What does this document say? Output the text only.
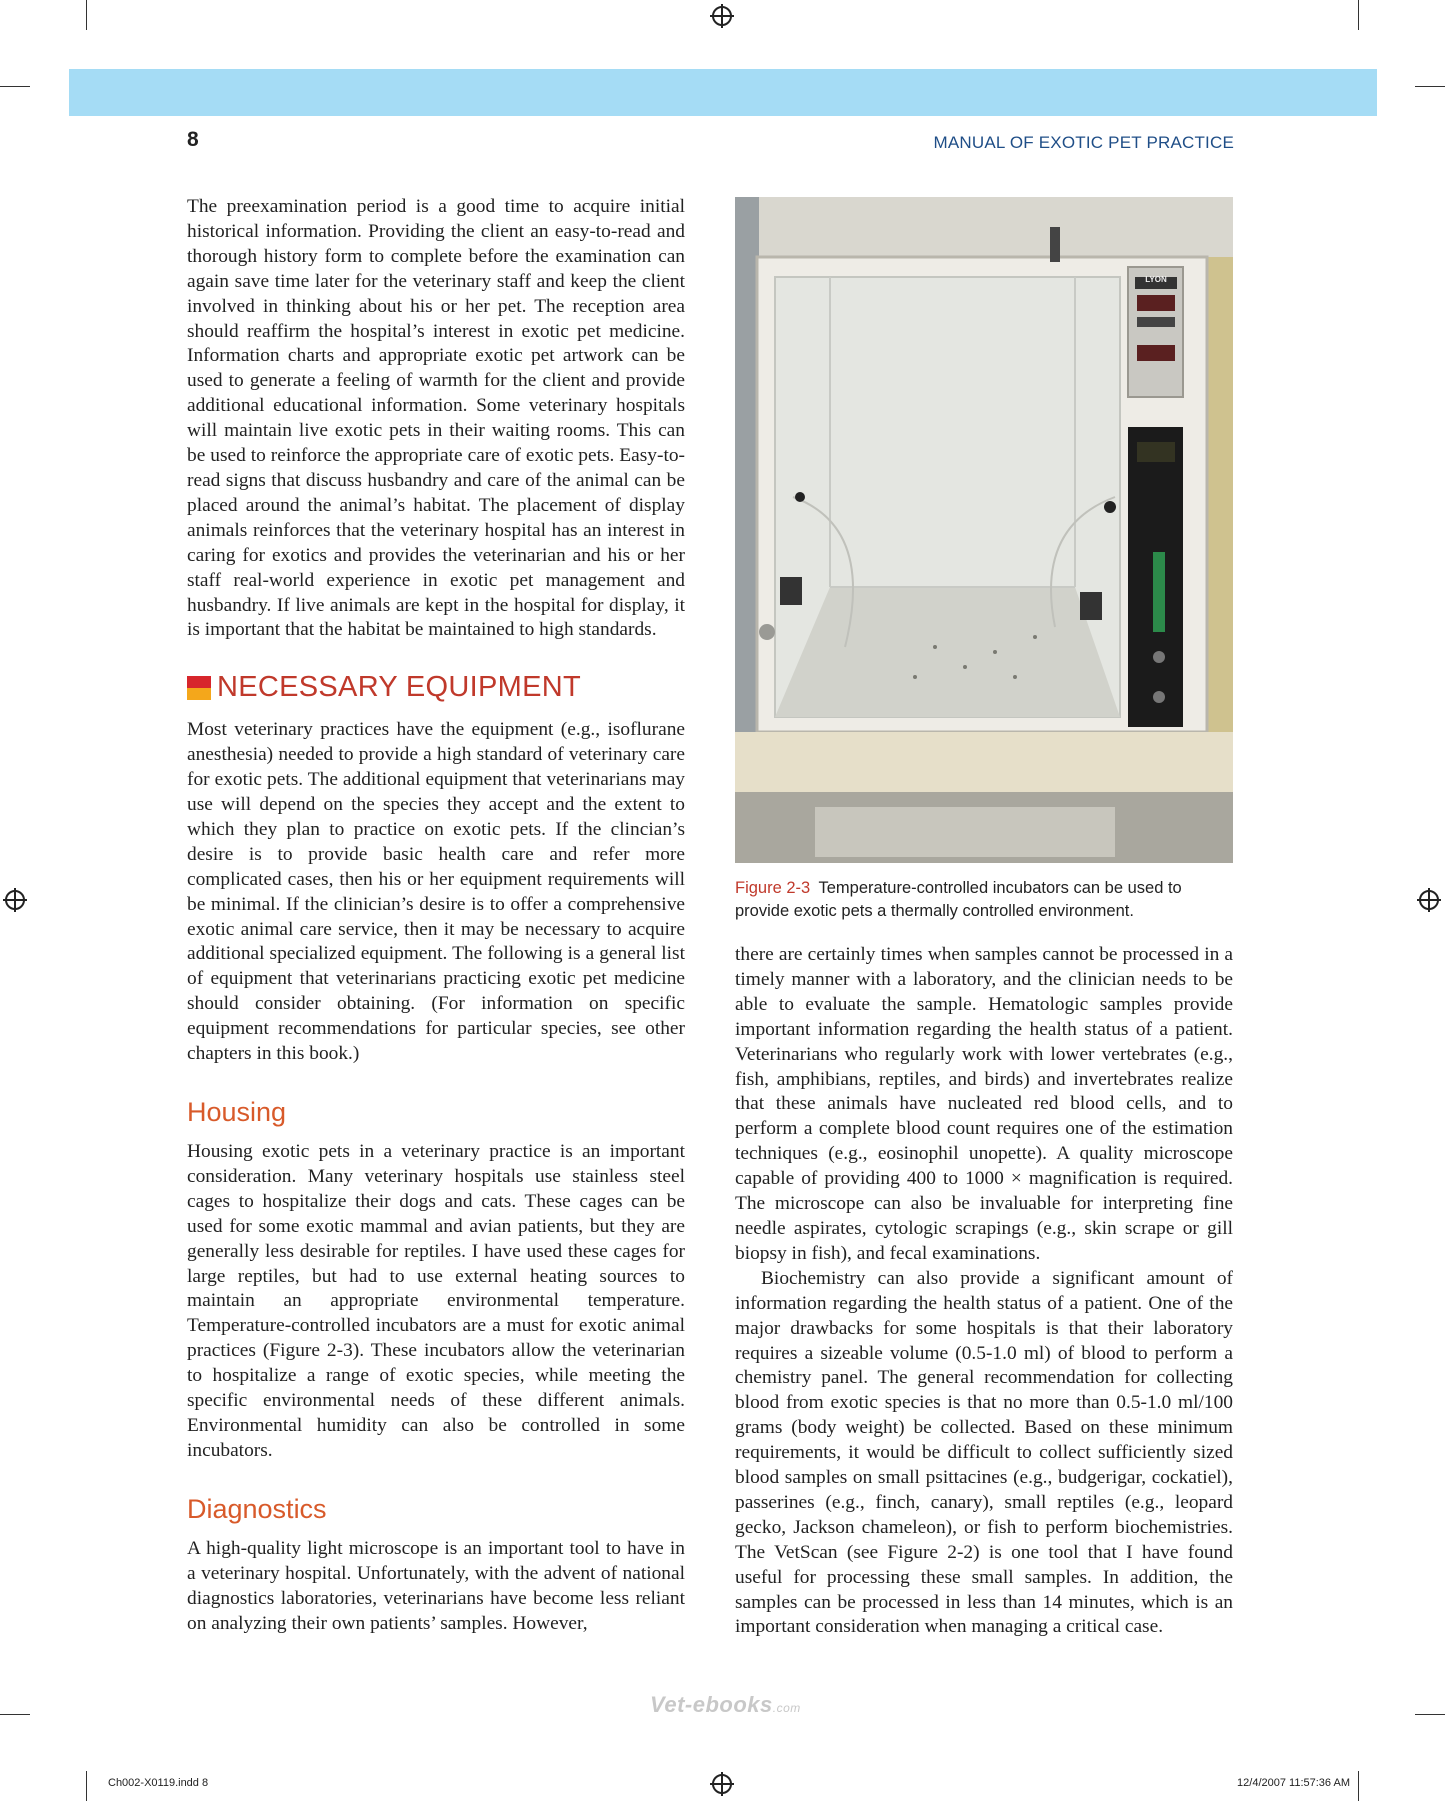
8	MANUAL OF EXOTIC PET PRACTICE

The preexamination period is a good time to acquire initial historical information. Providing the client an easy-to-read and thorough history form to complete before the examination can again save time later for the veterinary staff and keep the client involved in thinking about his or her pet. The reception area should reaffirm the hospital’s interest in exotic pet medicine. Information charts and appropriate exotic pet artwork can be used to generate a feeling of warmth for the client and provide additional educational information. Some veterinary hospitals will maintain live exotic pets in their waiting rooms. This can be used to reinforce the appropriate care of exotic pets. Easy-to-read signs that discuss husbandry and care of the animal can be placed around the animal’s habitat. The placement of display animals reinforces that the veterinary hospital has an interest in caring for exotics and provides the veterinarian and his or her staff real-world experience in exotic pet management and husbandry. If live animals are kept in the hospital for display, it is important that the habitat be maintained to high standards.

NECESSARY EQUIPMENT

Most veterinary practices have the equipment (e.g., isoflurane anesthesia) needed to provide a high standard of veterinary care for exotic pets. The additional equipment that veterinarians may use will depend on the species they accept and the extent to which they plan to practice on exotic pets. If the clincian’s desire is to provide basic health care and refer more complicated cases, then his or her equipment requirements will be minimal. If the clinician’s desire is to offer a comprehensive exotic animal care service, then it may be necessary to acquire additional specialized equipment. The following is a general list of equipment that veterinarians practicing exotic pet medicine should consider obtaining. (For information on specific equipment recommendations for particular species, see other chapters in this book.)

Housing

Housing exotic pets in a veterinary practice is an important consideration. Many veterinary hospitals use stainless steel cages to hospitalize their dogs and cats. These cages can be used for some exotic mammal and avian patients, but they are generally less desirable for reptiles. I have used these cages for large reptiles, but had to use external heating sources to maintain an appropriate environmental temperature. Temperature-controlled incubators are a must for exotic animal practices (Figure 2-3). These incubators allow the veterinarian to hospitalize a range of exotic species, while meeting the specific environmental needs of these different animals. Environmental humidity can also be controlled in some incubators.

Diagnostics

A high-quality light microscope is an important tool to have in a veterinary hospital. Unfortunately, with the advent of national diagnostics laboratories, veterinarians have become less reliant on analyzing their own patients’ samples. However,

LYON
Figure 2-3 Temperature-controlled incubators can be used to provide exotic pets a thermally controlled environment.

there are certainly times when samples cannot be processed in a timely manner with a laboratory, and the clinician needs to be able to evaluate the sample. Hematologic samples provide important information regarding the health status of a patient. Veterinarians who regularly work with lower vertebrates (e.g., fish, amphibians, reptiles, and birds) and invertebrates realize that these animals have nucleated red blood cells, and to perform a complete blood count requires one of the estimation techniques (e.g., eosinophil unopette). A quality microscope capable of providing 400 to 1000 × magnification is required. The microscope can also be invaluable for interpreting fine needle aspirates, cytologic scrapings (e.g., skin scrape or gill biopsy in fish), and fecal examinations.

Biochemistry can also provide a significant amount of information regarding the health status of a patient. One of the major drawbacks for some hospitals is that their laboratory requires a sizeable volume (0.5-1.0 ml) of blood to perform a chemistry panel. The general recommendation for collecting blood from exotic species is that no more than 0.5-1.0 ml/100 grams (body weight) be collected. Based on these minimum requirements, it would be difficult to collect sufficiently sized blood samples on small psittacines (e.g., budgerigar, cockatiel), passerines (e.g., finch, canary), small reptiles (e.g., leopard gecko, Jackson chameleon), or fish to perform biochemistries. The VetScan (see Figure 2-2) is one tool that I have found useful for processing these small samples. In addition, the samples can be processed in less than 14 minutes, which is an important consideration when managing a critical case.

Vet-ebooks.com
Ch002-X0119.indd 8	12/4/2007 11:57:36 AM
